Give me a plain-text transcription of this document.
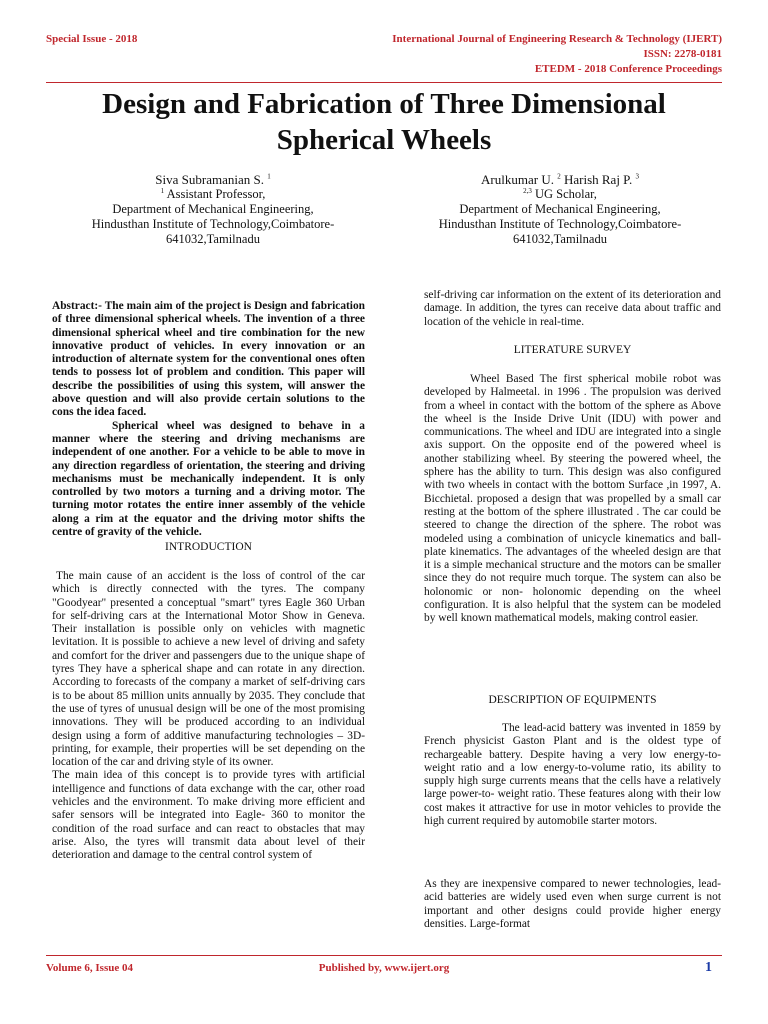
Special Issue - 2018	International Journal of Engineering Research & Technology (IJERT)
ISSN: 2278-0181
ETEDM - 2018 Conference Proceedings
Design and Fabrication of Three Dimensional
Spherical Wheels
Siva Subramanian S. $^1$
$^1$ Assistant Professor,
Department of Mechanical Engineering,
Hindusthan Institute of Technology,Coimbatore-
641032,Tamilnadu
Arulkumar U. $^2$ Harish Raj P. $^3$
$^{2,3}$ UG Scholar,
Department of Mechanical Engineering,
Hindusthan Institute of Technology,Coimbatore-
641032,Tamilnadu

Abstract:- The main aim of the project is Design and fabrication of three dimensional spherical wheels. The invention of a three dimensional spherical wheel and tire combination for the new innovative product of vehicles. In every innovation or an introduction of alternate system for the conventional ones often tends to possess lot of problem and condition. This paper will describe the possibilities of using this system, will answer the above question and will also provide certain solutions to the cons the idea faced.

Spherical wheel was designed to behave in a manner where the steering and driving mechanisms are independent of one another. For a vehicle to be able to move in any direction regardless of orientation, the steering and driving mechanisms must be mechanically independent. It is only controlled by two motors a turning and a driving motor. The turning motor rotates the entire inner assembly of the vehicle along a rim at the equator and the driving motor shifts the centre of gravity of the vehicle.

INTRODUCTION

The main cause of an accident is the loss of control of the car which is directly connected with the tyres. The company "Goodyear" presented a conceptual "smart" tyres Eagle 360 Urban for self-driving cars at the International Motor Show in Geneva. Their installation is possible only on vehicles with magnetic levitation. It is possible to achieve a new level of driving and safety and comfort for the driver and passengers due to the unique shape of tyres They have a spherical shape and can rotate in any direction. According to forecasts of the company a market of self-driving cars is to be about 85 million units annually by 2035. They conclude that the use of tyres of unusual design will be one of the most promising innovations. They will be produced according to an individual design using a form of additive manufacturing technologies – 3D-printing, for example, their properties will be set depending on the location of the car and driving style of its owner.

The main idea of this concept is to provide tyres with artificial intelligence and functions of data exchange with the car, other road vehicles and the environment. To make driving more efficient and safer sensors will be integrated into Eagle- 360 to monitor the condition of the road surface and can react to obstacles that may arise. Also, the tyres will transmit data about level of their deterioration and damage to the central control system of

self-driving car information on the extent of its deterioration and damage. In addition, the tyres can receive data about traffic and location of the vehicle in real-time.

LITERATURE SURVEY

Wheel Based The first spherical mobile robot was developed by Halmeetal. in 1996 . The propulsion was derived from a wheel in contact with the bottom of the sphere as Above the wheel is the Inside Drive Unit (IDU) with power and communications. The wheel and IDU are integrated into a single axis support. On the opposite end of the powered wheel is another stabilizing wheel. By steering the powered wheel, the sphere has the ability to turn. This design was also configured with two wheels in contact with the bottom Surface ,in 1997, A. Bicchietal. proposed a design that was propelled by a small car resting at the bottom of the sphere illustrated . The car could be steered to change the direction of the sphere. The robot was modeled using a combination of unicycle kinematics and ball-plate kinematics. The advantages of the wheeled design are that it is a simple mechanical structure and the motors can be smaller since they do not require much torque. The system can also be holonomic or non- holonomic depending on the wheel configuration. It is also helpful that the system can be modeled by well known mathematical models, making control easier.

DESCRIPTION OF EQUIPMENTS

The lead-acid battery was invented in 1859 by French physicist Gaston Plant and is the oldest type of rechargeable battery. Despite having a very low energy-to- weight ratio and a low energy-to-volume ratio, its ability to supply high surge currents means that the cells have a relatively large power-to- weight ratio. These features along with their low cost makes it attractive for use in motor vehicles to provide the high current required by automobile starter motors.

As they are inexpensive compared to newer technologies, lead-acid batteries are widely used even when surge current is not important and other designs could provide higher energy densities. Large-format

Volume 6, Issue 04	Published by, www.ijert.org	1
